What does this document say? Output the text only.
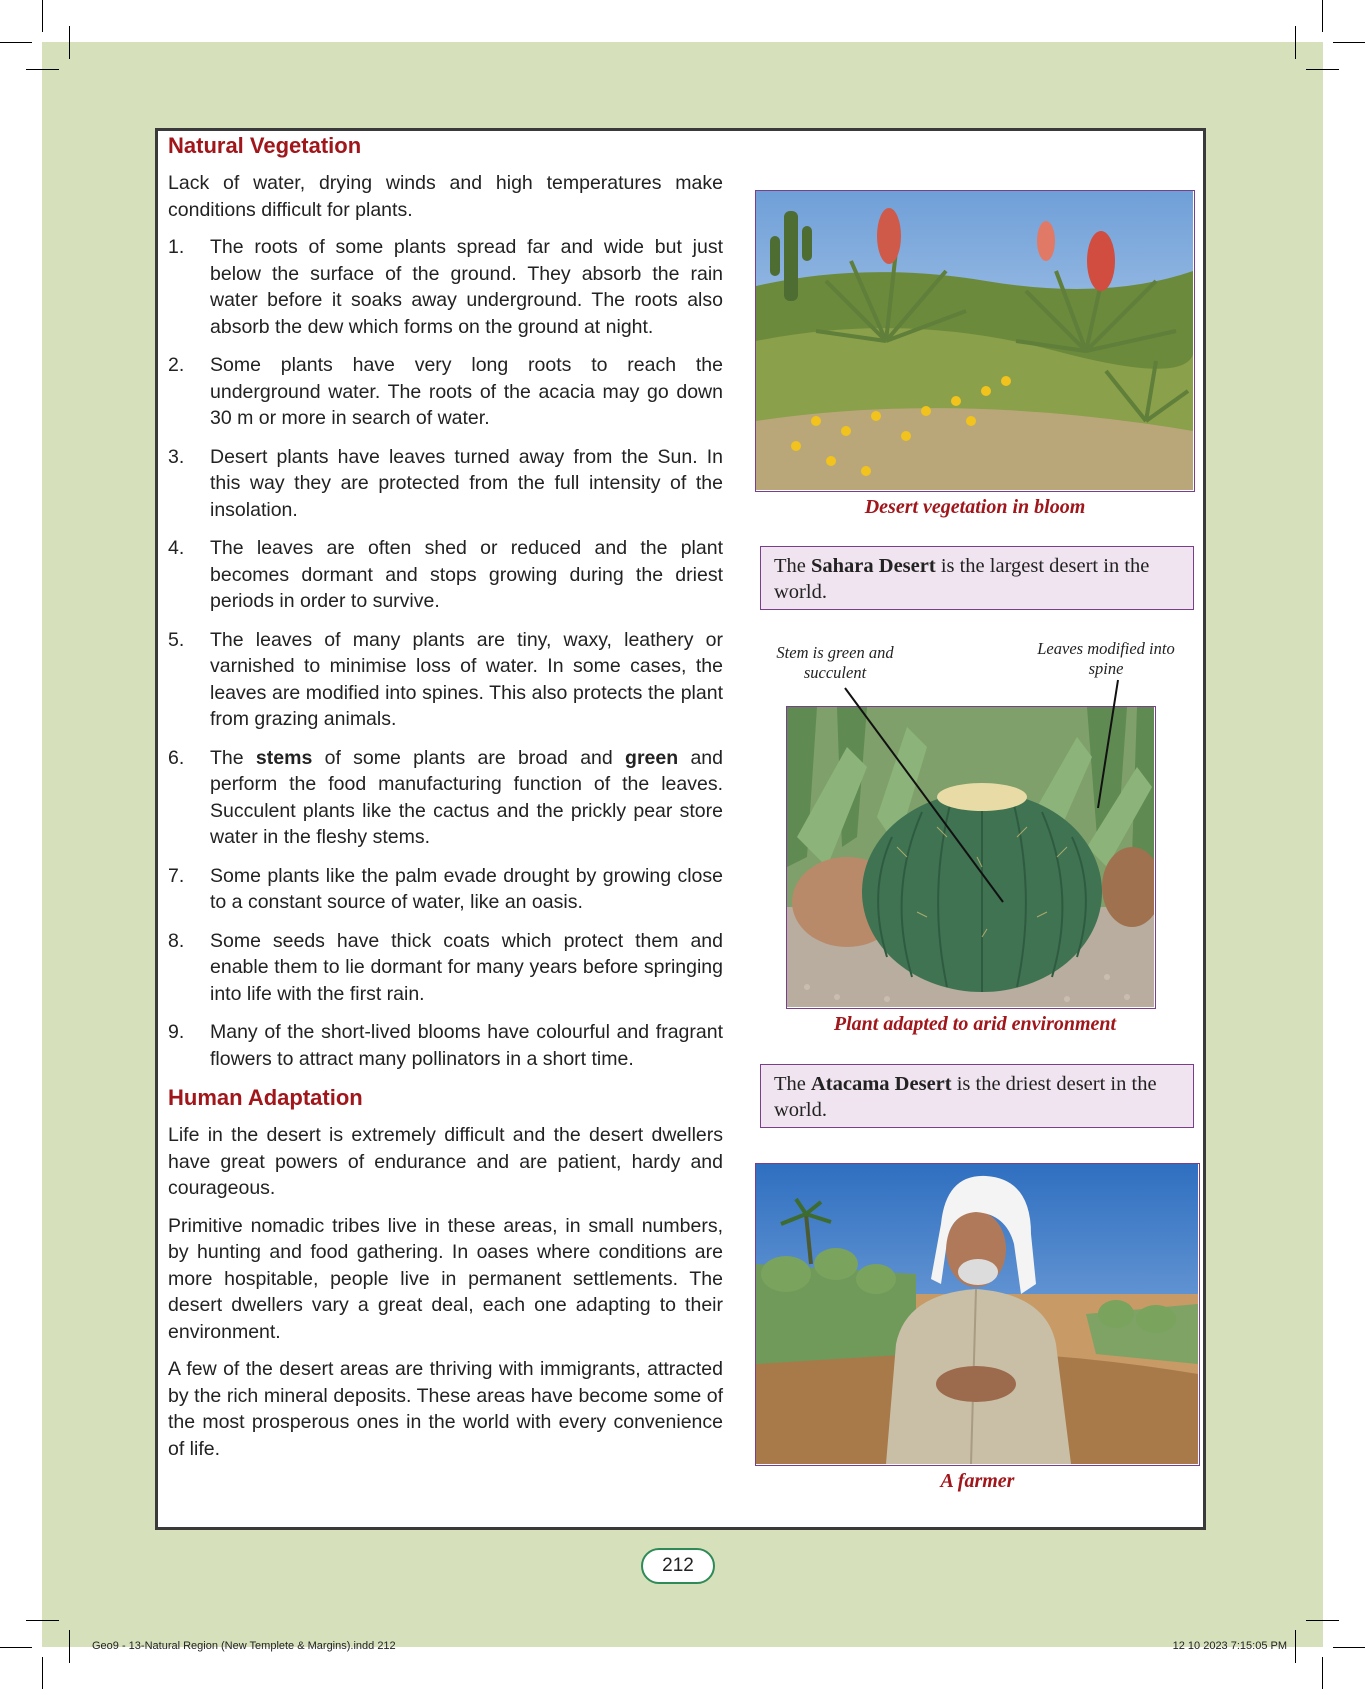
Natural Vegetation

Lack of water, drying winds and high temperatures make conditions difficult for plants.

1. The roots of some plants spread far and wide but just below the surface of the ground. They absorb the rain water before it soaks away underground. The roots also absorb the dew which forms on the ground at night.
2. Some plants have very long roots to reach the underground water. The roots of the acacia may go down 30 m or more in search of water.
3. Desert plants have leaves turned away from the Sun. In this way they are protected from the full intensity of the insolation.
4. The leaves are often shed or reduced and the plant becomes dormant and stops growing during the driest periods in order to survive.
5. The leaves of many plants are tiny, waxy, leathery or varnished to minimise loss of water. In some cases, the leaves are modified into spines. This also protects the plant from grazing animals.
6. The stems of some plants are broad and green and perform the food manufacturing function of the leaves. Succulent plants like the cactus and the prickly pear store water in the fleshy stems.
7. Some plants like the palm evade drought by growing close to a constant source of water, like an oasis.
8. Some seeds have thick coats which protect them and enable them to lie dormant for many years before springing into life with the first rain.
9. Many of the short-lived blooms have colourful and fragrant flowers to attract many pollinators in a short time.
Human Adaptation

Life in the desert is extremely difficult and the desert dwellers have great powers of endurance and are patient, hardy and courageous.

Primitive nomadic tribes live in these areas, in small numbers, by hunting and food gathering. In oases where conditions are more hospitable, people live in permanent settlements. The desert dwellers vary a great deal, each one adapting to their environment.

A few of the desert areas are thriving with immigrants, attracted by the rich mineral deposits. These areas have become some of the most prosperous ones in the world with every convenience of life.

Desert vegetation in bloom
The Sahara Desert is the largest desert in the world.
Stem is green and succulent
Leaves modified into spine
Plant adapted to arid environment
The Atacama Desert is the driest desert in the world.
A farmer
212
Geo9 - 13-Natural Region (New Templete & Margins).indd 212	12 10 2023 7:15:05 PM
